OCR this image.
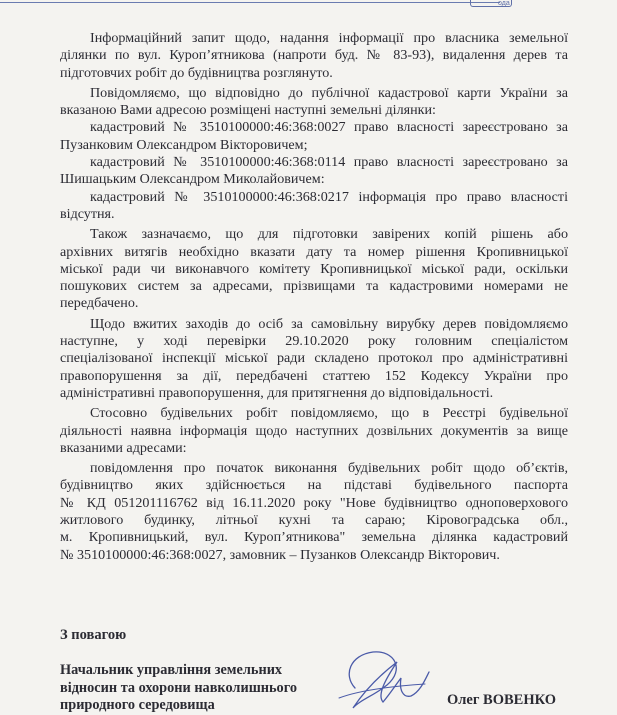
ода
Інформаційний запит щодо, надання інформації про власника земельної
ділянки по вул. Куроп’ятникова (напроти буд. № 83-93), видалення дерев та
підготовчих робіт до будівництва розглянуто.
Повідомляємо, що відповідно до публічної кадастрової карти України за
вказаною Вами адресою розміщені наступні земельні ділянки:
кадастровий № 3510100000:46:368:0027 право власності зареєстровано за
Пузанковим Олександром Вікторовичем;
кадастровий № 3510100000:46:368:0114 право власності зареєстровано за
Шишацьким Олександром Миколайовичем:
кадастровий № 3510100000:46:368:0217 інформація про право власності
відсутня.
Також зазначаємо, що для підготовки завірених копій рішень або
архівних витягів необхідно вказати дату та номер рішення Кропивницької
міської ради чи виконавчого комітету Кропивницької міської ради, оскільки
пошукових систем за адресами, прізвищами та кадастровими номерами не
передбачено.
Щодо вжитих заходів до осіб за самовільну вирубку дерев повідомляємо
наступне, у ході перевірки 29.10.2020 року головним спеціалістом
спеціалізованої інспекції міської ради складено протокол про адміністративні
правопорушення за дії, передбачені статтею 152 Кодексу України про
адміністративні правопорушення, для притягнення до відповідальності.
Стосовно будівельних робіт повідомляємо, що в Реєстрі будівельної
діяльності наявна інформація щодо наступних дозвільних документів за вище
вказаними адресами:
повідомлення про початок виконання будівельних робіт щодо об’єктів,
будівництво яких здійснюється на підставі будівельного паспорта
№ КД 051201116762 від 16.11.2020 року "Нове будівництво одноповерхового
житлового будинку, літньої кухні та сараю; Кіровоградська обл.,
м. Кропивницький, вул. Куроп’ятникова" земельна ділянка кадастровий
№ 3510100000:46:368:0027, замовник – Пузанков Олександр Вікторович.
З повагою
Начальник управління земельних
відносин та охорони навколишнього
природного середовища	Олег ВОВЕНКО
